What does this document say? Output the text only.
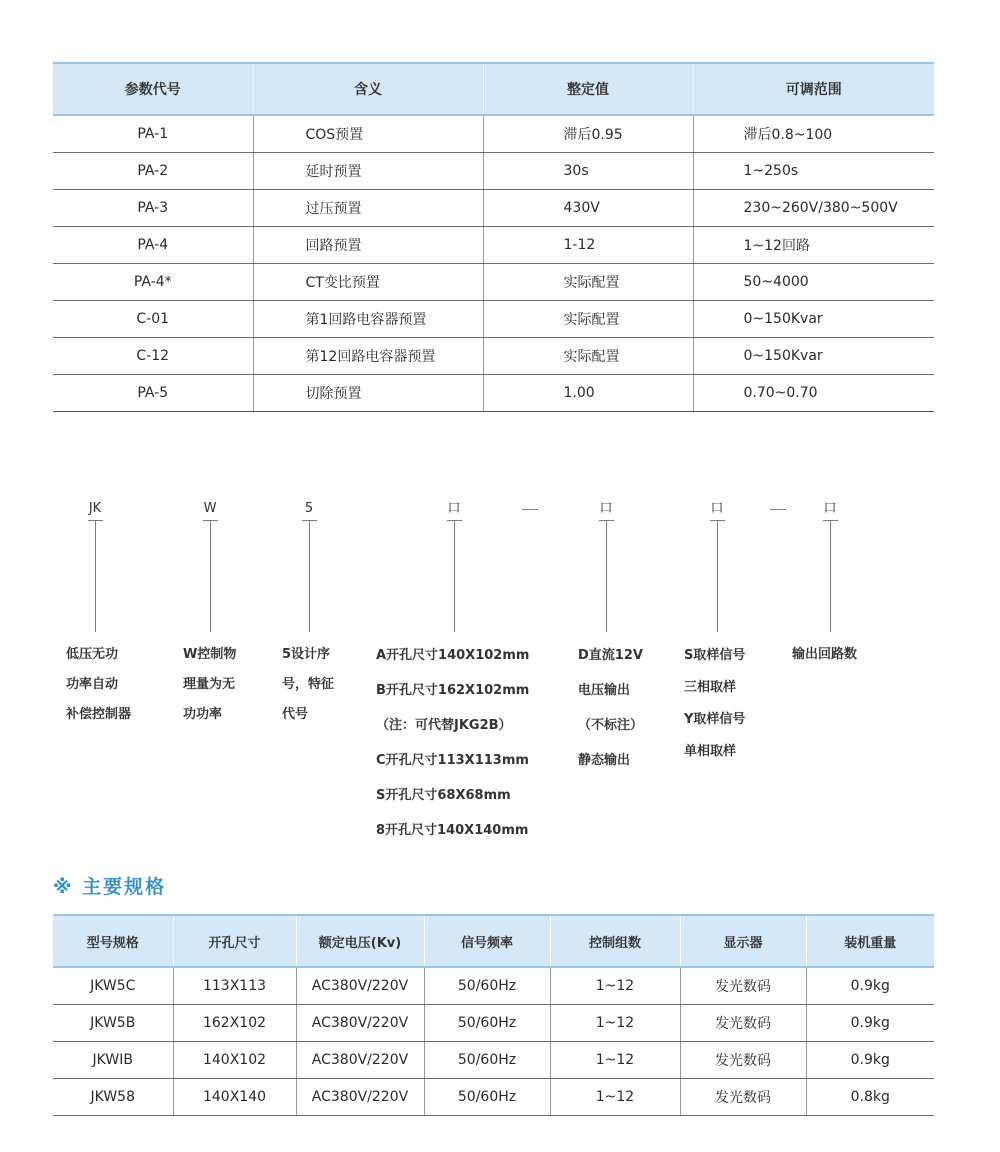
参数代号	含义	整定值	可调范围
PA-1	COS预置	滞后0.95	滞后0.8~100
PA-2	延时预置	30s	1~250s
PA-3	过压预置	430V	230~260V/380~500V
PA-4	回路预置	1-12	1~12回路
PA-4*	CT变比预置	实际配置	50~4000
C-01	第1回路电容器预置	实际配置	0~150Kvar
C-12	第12回路电容器预置	实际配置	0~150Kvar
PA-5	切除预置	1.00	0.70~0.70
JK	W	5	口	口	口	口
低压无功
功率自动
补偿控制器
W控制物
理量为无
功功率
5设计序
号，特征
代号
A开孔尺寸140X102mm
B开孔尺寸162X102mm
（注：可代替JKG2B）
C开孔尺寸113X113mm
S开孔尺寸68X68mm
8开孔尺寸140X140mm
D直流12V
电压输出
（不标注）
静态输出
S取样信号
三相取样
Y取样信号
单相取样
输出回路数
※ 主要规格
型号规格	开孔尺寸	额定电压(Kv)	信号频率	控制组数	显示器	装机重量
JKW5C	113X113	AC380V/220V	50/60Hz	1~12	发光数码	0.9kg
JKW5B	162X102	AC380V/220V	50/60Hz	1~12	发光数码	0.9kg
JKWIB	140X102	AC380V/220V	50/60Hz	1~12	发光数码	0.9kg
JKW58	140X140	AC380V/220V	50/60Hz	1~12	发光数码	0.8kg
